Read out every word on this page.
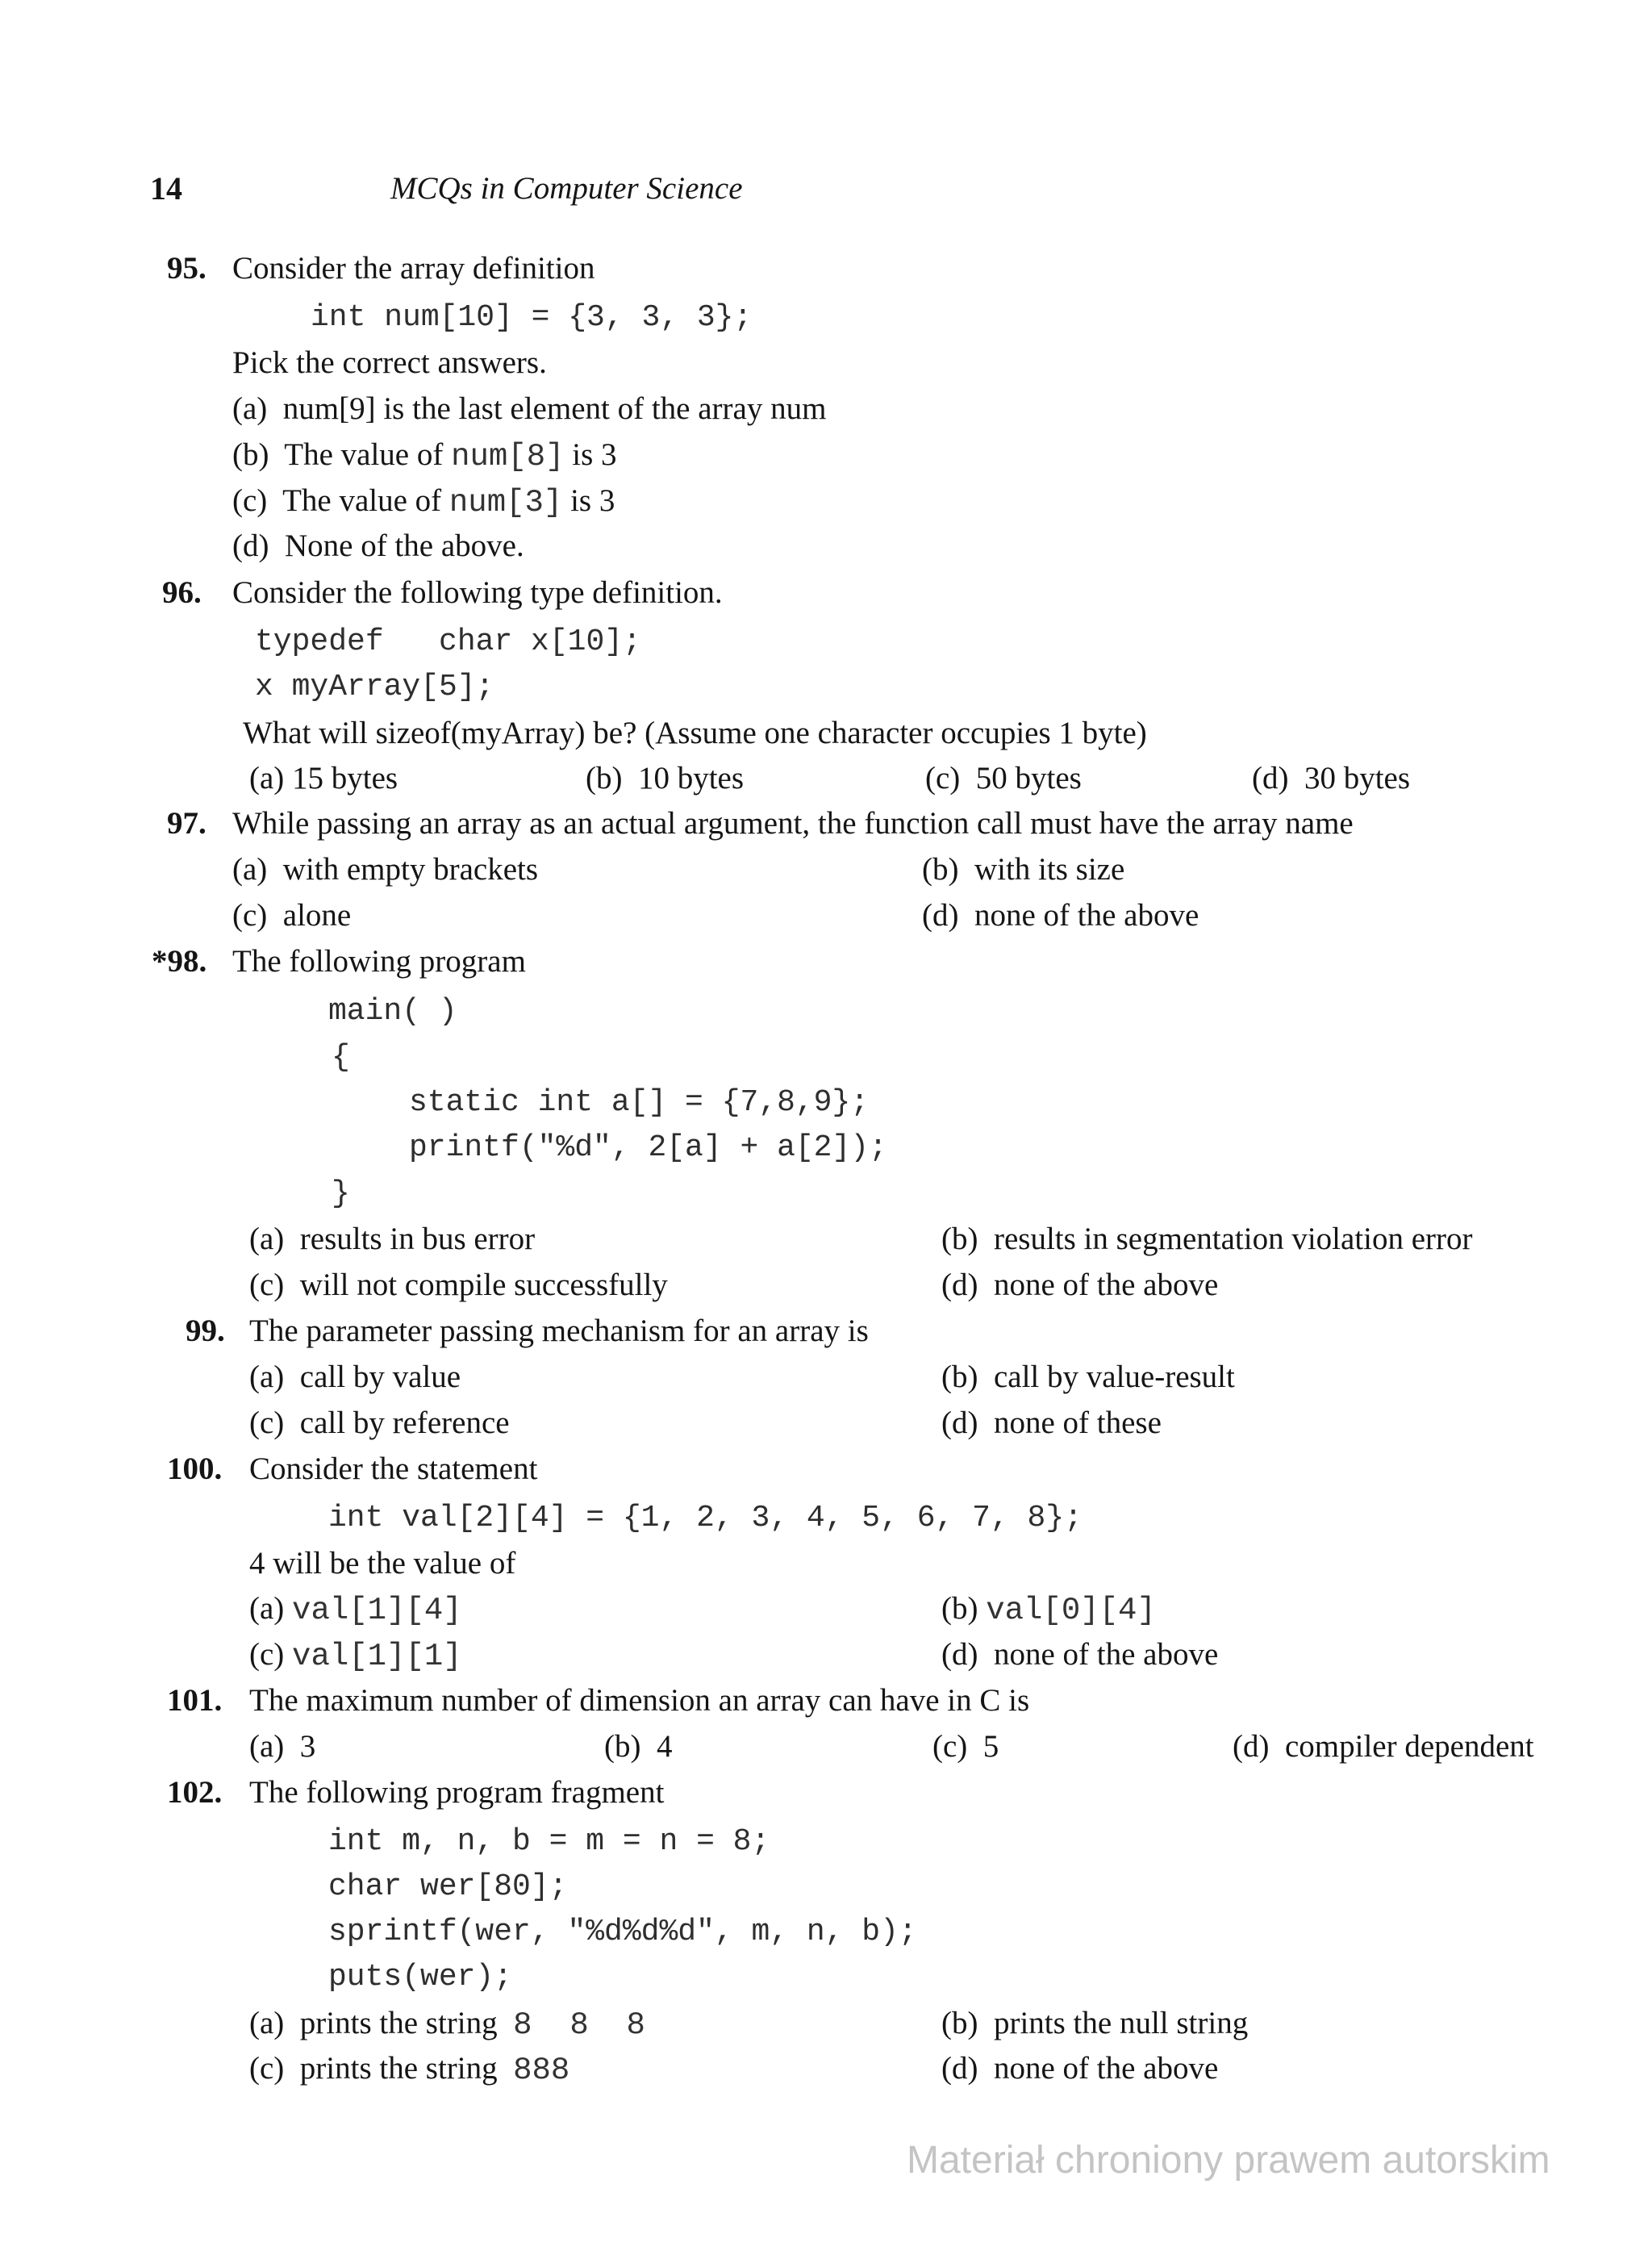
14	MCQs in Computer Science
95. Consider the array definition
int num[10] = {3, 3, 3};
Pick the correct answers.
(a)  num[9] is the last element of the array num
(b)  The value of num[8] is 3
(c)  The value of num[3] is 3
(d)  None of the above.
96. Consider the following type definition.
typedef   char x[10];
x myArray[5];
What will sizeof(myArray) be? (Assume one character occupies 1 byte)
(a) 15 bytes	(b)  10 bytes	(c)  50 bytes	(d)  30 bytes
97. While passing an array as an actual argument, the function call must have the array name
(a)  with empty brackets	(b)  with its size
(c)  alone	(d)  none of the above
*98. The following program
main( )
{
static int a[] = {7,8,9};
printf("%d", 2[a] + a[2]);
}
(a)  results in bus error	(b)  results in segmentation violation error
(c)  will not compile successfully	(d)  none of the above
99. The parameter passing mechanism for an array is
(a)  call by value	(b)  call by value-result
(c)  call by reference	(d)  none of these
100. Consider the statement
int val[2][4] = {1, 2, 3, 4, 5, 6, 7, 8};
4 will be the value of
(a) val[1][4]	(b) val[0][4]
(c) val[1][1]	(d)  none of the above
101. The maximum number of dimension an array can have in C is
(a)  3	(b)  4	(c)  5	(d)  compiler dependent
102. The following program fragment
int m, n, b = m = n = 8;
char wer[80];
sprintf(wer, "%d%d%d", m, n, b);
puts(wer);
(a)  prints the string  8  8  8	(b)  prints the null string
(c)  prints the string  888	(d)  none of the above
Materiał chroniony prawem autorskim
